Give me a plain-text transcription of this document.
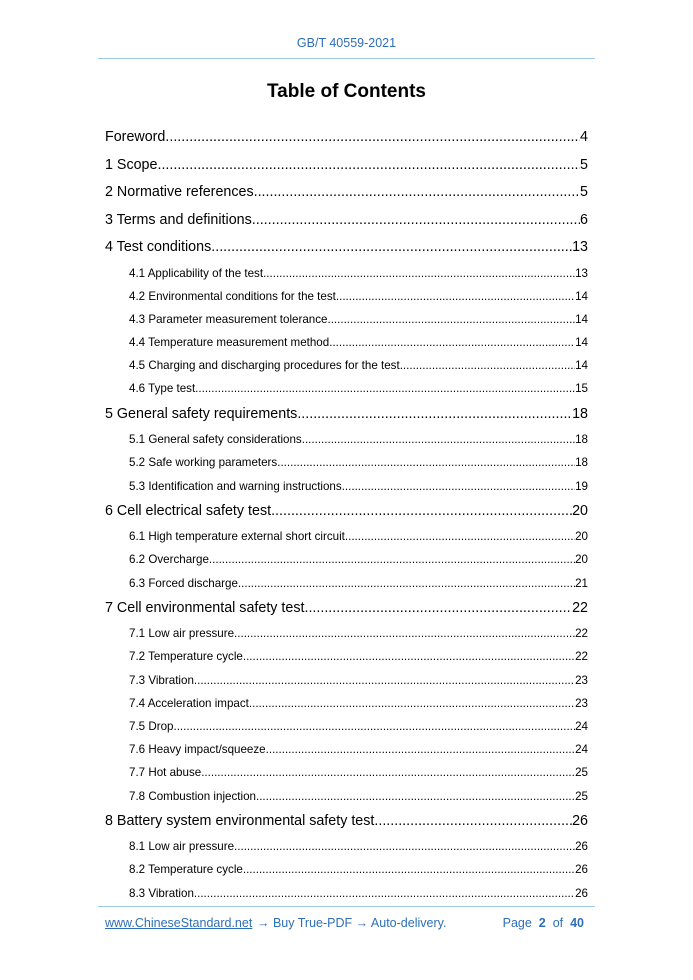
GB/T 40559-2021
Table of Contents
Foreword .....	4
1 Scope .....	5
2 Normative references .....	5
3 Terms and definitions .....	6
4 Test conditions .....	13
4.1 Applicability of the test .....	13
4.2 Environmental conditions for the test .....	14
4.3 Parameter measurement tolerance .....	14
4.4 Temperature measurement method .....	14
4.5 Charging and discharging procedures for the test .....	14
4.6 Type test .....	15
5 General safety requirements .....	18
5.1 General safety considerations .....	18
5.2 Safe working parameters .....	18
5.3 Identification and warning instructions .....	19
6 Cell electrical safety test .....	20
6.1 High temperature external short circuit .....	20
6.2 Overcharge .....	20
6.3 Forced discharge .....	21
7 Cell environmental safety test .....	22
7.1 Low air pressure .....	22
7.2 Temperature cycle .....	22
7.3 Vibration .....	23
7.4 Acceleration impact .....	23
7.5 Drop .....	24
7.6 Heavy impact/squeeze .....	24
7.7 Hot abuse .....	25
7.8 Combustion injection .....	25
8 Battery system environmental safety test .....	26
8.1 Low air pressure .....	26
8.2 Temperature cycle .....	26
8.3 Vibration .....	26
www.ChineseStandard.net → Buy True-PDF → Auto-delivery.	Page 2 of 40
